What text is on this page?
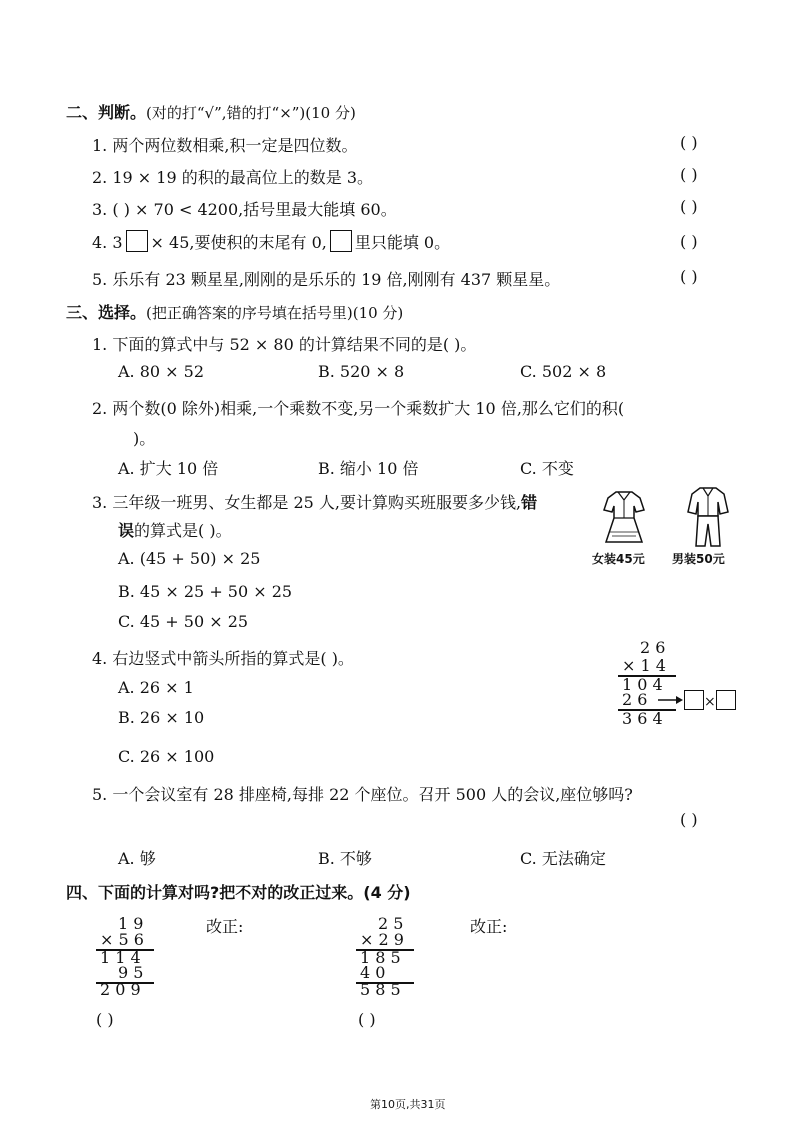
二、判断。(对的打“√”,错的打“×”)(10 分)
1. 两个两位数相乘,积一定是四位数。	( )
2. 19 × 19 的积的最高位上的数是 3。	( )
3. ( ) × 70 < 4200,括号里最大能填 60。	( )
4. 3 × 45,要使积的末尾有 0, 里只能填 0。	( )
5. 乐乐有 23 颗星星,刚刚的是乐乐的 19 倍,刚刚有 437 颗星星。	( )
三、选择。(把正确答案的序号填在括号里)(10 分)
1. 下面的算式中与 52 × 80 的计算结果不同的是( )。
A. 80 × 52	B. 520 × 8	C. 502 × 8
2. 两个数(0 除外)相乘,一个乘数不变,另一个乘数扩大 10 倍,那么它们的积(
)。
A. 扩大 10 倍	B. 缩小 10 倍	C. 不变
3. 三年级一班男、女生都是 25 人,要计算购买班服要多少钱,错
误的算式是( )。
A. (45 + 50) × 25
B. 45 × 25 + 50 × 25
C. 45 + 50 × 25
女装45元 男装50元
4. 右边竖式中箭头所指的算式是( )。
A. 26 × 1
B. 26 × 10
C. 26 × 100
2 6
× 1 4
1 0 4
2 6
3 6 4
×
5. 一个会议室有 28 排座椅,每排 22 个座位。召开 500 人的会议,座位够吗?
( )
A. 够	B. 不够	C. 无法确定
四、下面的计算对吗?把不对的改正过来。(4 分)
1 9
× 5 6
1 1 4
9 5
2 0 9
改正:
( )
2 5
× 2 9
1 8 5
4 0
5 8 5
改正:
( )
第10页,共31页
